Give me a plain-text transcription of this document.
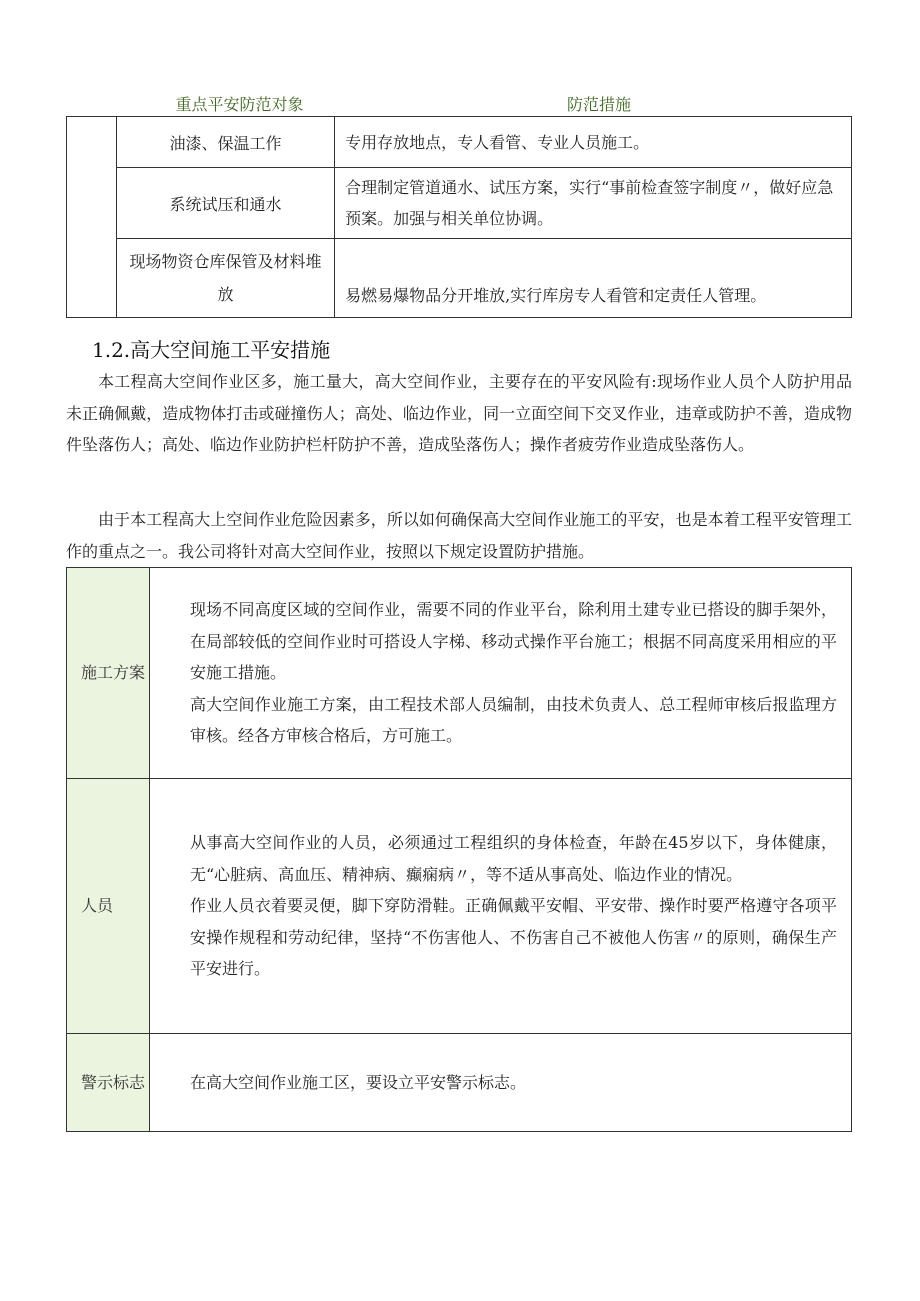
重点平安防范对象	防范措施
	油漆、保温工作	专用存放地点，专人看管、专业人员施工。
	系统试压和通水	合理制定管道通水、试压方案，实行“事前检查签字制度〃，做好应急预案。加强与相关单位协调。
	现场物资仓库保管及材料堆放	易燃易爆物品分开堆放,实行库房专人看管和定责任人管理。
1.2.高大空间施工平安措施

本工程高大空间作业区多，施工量大，高大空间作业，主要存在的平安风险有:现场作业人员个人防护用品未正确佩戴，造成物体打击或碰撞伤人；高处、临边作业，同一立面空间下交叉作业，违章或防护不善，造成物件坠落伤人；高处、临边作业防护栏杆防护不善，造成坠落伤人；操作者疲劳作业造成坠落伤人。

由于本工程高大上空间作业危险因素多，所以如何确保高大空间作业施工的平安，也是本着工程平安管理工作的重点之一。我公司将针对高大空间作业，按照以下规定设置防护措施。

施工方案	现场不同高度区域的空间作业，需要不同的作业平台，除利用土建专业已搭设的脚手架外，在局部较低的空间作业时可搭设人字梯、移动式操作平台施工；根据不同高度采用相应的平安施工措施。

高大空间作业施工方案，由工程技术部人员编制，由技术负责人、总工程师审核后报监理方审核。经各方审核合格后，方可施工。

人员	从事高大空间作业的人员，必须通过工程组织的身体检查，年龄在45岁以下，身体健康，无“心脏病、高血压、精神病、癫痫病〃，等不适从事高处、临边作业的情况。

作业人员衣着要灵便，脚下穿防滑鞋。正确佩戴平安帽、平安带、操作时要严格遵守各项平安操作规程和劳动纪律，坚持“不伤害他人、不伤害自己不被他人伤害〃的原则，确保生产平安进行。

警示标志	在高大空间作业施工区，要设立平安警示标志。
